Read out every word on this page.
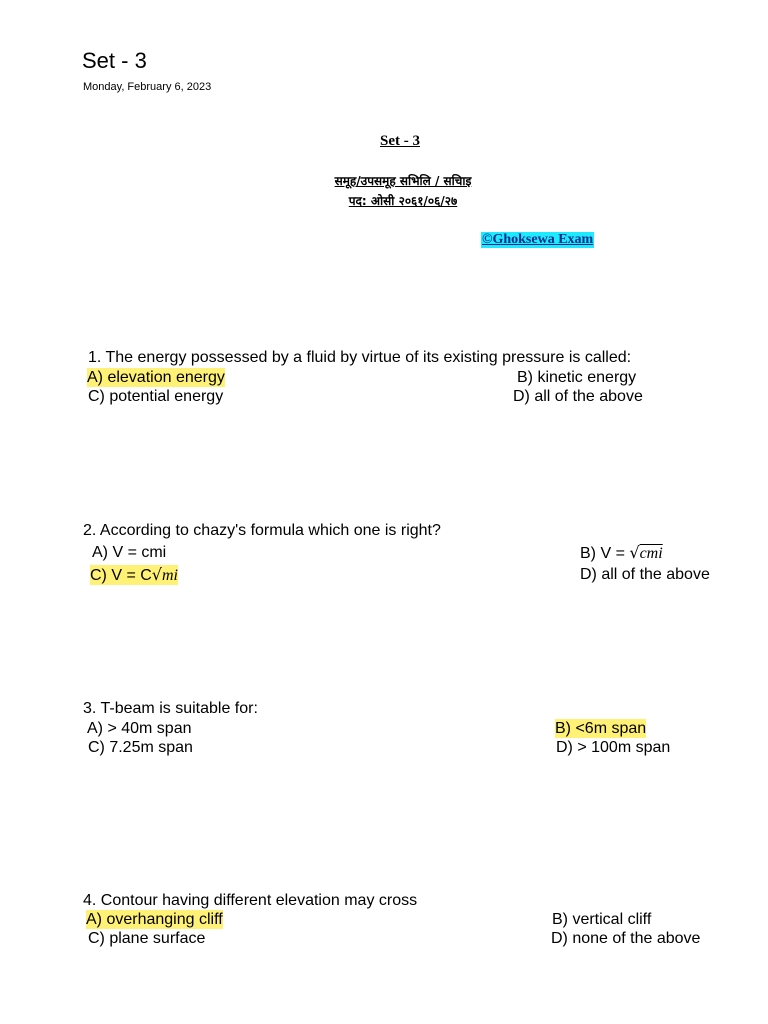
Set - 3
Monday, February 6, 2023
Set - 3
समूह/उपसमूह सभिलि / सचिाइ
पद: ओसी २०६१/०६/२७
©Ghoksewa Exam
1. The energy possessed by a fluid by virtue of its existing pressure is called:
A) elevation energy	B) kinetic energy
C) potential energy	D) all of the above
2. According to chazy's formula which one is right?
A) V = cmi	B) V = √cmi
C) V = C√mi	D) all of the above
3. T-beam is suitable for:
A) > 40m span	B) <6m span
C) 7.25m span	D) > 100m span
4. Contour having different elevation may cross
A) overhanging cliff	B) vertical cliff
C) plane surface	D) none of the above
